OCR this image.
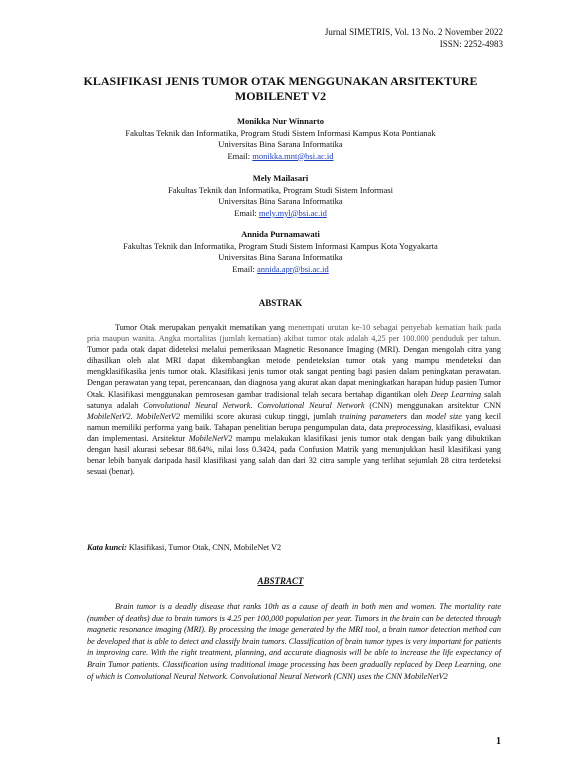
Jurnal SIMETRIS, Vol. 13 No. 2 November 2022
ISSN: 2252-4983
KLASIFIKASI JENIS TUMOR OTAK MENGGUNAKAN ARSITEKTURE MOBILENET V2
Monikka Nur Winnarto
Fakultas Teknik dan Informatika, Program Studi Sistem Informasi Kampus Kota Pontianak
Universitas Bina Sarana Informatika
Email: monikka.mnt@bsi.ac.id
Mely Mailasari
Fakultas Teknik dan Informatika, Program Studi Sistem Informasi
Universitas Bina Sarana Informatika
Email: mely.myl@bsi.ac.id
Annida Purnamawati
Fakultas Teknik dan Informatika, Program Studi Sistem Informasi Kampus Kota Yogyakarta
Universitas Bina Sarana Informatika
Email: annida.apr@bsi.ac.id
ABSTRAK

Tumor Otak merupakan penyakit mematikan yang menempati urutan ke-10 sebagai penyebab kematian baik pada pria maupun wanita. Angka mortalitas (jumlah kematian) akibat tumor otak adalah 4,25 per 100.000 penduduk per tahun. Tumor pada otak dapat dideteksi melalui pemeriksaan Magnetic Resonance Imaging (MRI). Dengan mengolah citra yang dihasilkan oleh alat MRI dapat dikembangkan metode pendeteksian tumor otak yang mampu mendeteksi dan mengklasifikasika jenis tumor otak. Klasifikasi jenis tumor otak sangat penting bagi pasien dalam peningkatan perawatan. Dengan perawatan yang tepat, perencanaan, dan diagnosa yang akurat akan dapat meningkatkan harapan hidup pasien Tumor Otak. Klasifikasi menggunakan pemrosesan gambar tradisional telah secara bertahap digantikan oleh Deep Learning salah satunya adalah Convolutional Neural Network. Convolutional Neural Network (CNN) menggunakan arsitektur CNN MobileNetV2. MobileNetV2 memiliki score akurasi cukup tinggi, jumlah training parameters dan model size yang kecil namun memiliki performa yang baik. Tahapan penelitian berupa pengumpulan data, data preprocessing, klasifikasi, evaluasi dan implementasi. Arsitektur MobileNetV2 mampu melakukan klasifikasi jenis tumor otak dengan baik yang dibuktikan dengan hasil akurasi sebesar 88.64%, nilai loss 0.3424, pada Confusion Matrik yang menunjukkan hasil klasifikasi yang benar lebih banyak daripada hasil klasifikasi yang salah dan dari 32 citra sample yang terlihat sejumlah 28 citra terdeteksi sesuai (benar).

Kata kunci: Klasifikasi, Tumor Otak, CNN, MobileNet V2
ABSTRACT

Brain tumor is a deadly disease that ranks 10th as a cause of death in both men and women. The mortality rate (number of deaths) due to brain tumors is 4.25 per 100,000 population per year. Tumors in the brain can be detected through magnetic resonance imaging (MRI). By processing the image generated by the MRI tool, a brain tumor detection method can be developed that is able to detect and classify brain tumors. Classification of brain tumor types is very important for patients in improving care. With the right treatment, planning, and accurate diagnosis will be able to increase the life expectancy of Brain Tumor patients. Classification using traditional image processing has been gradually replaced by Deep Learning, one of which is Convolutional Neural Network. Convolutional Neural Network (CNN) uses the CNN MobileNetV2

1
